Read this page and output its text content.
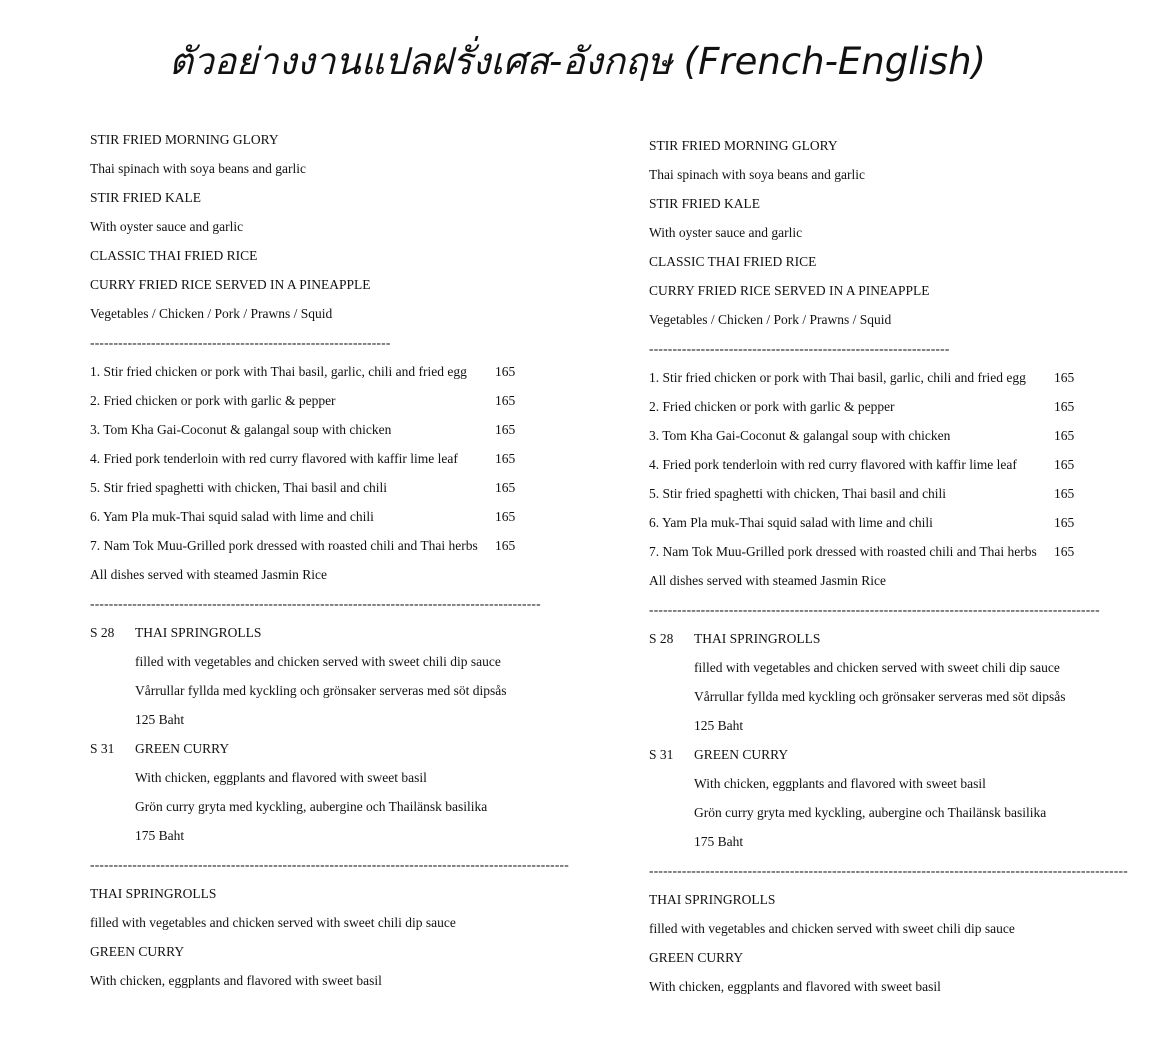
ตัวอย่างงานแปลฝรั่งเศส-อังกฤษ (French-English)
STIR FRIED MORNING GLORY
Thai spinach with soya beans and garlic
STIR FRIED KALE
With oyster sauce and garlic
CLASSIC THAI FRIED RICE
CURRY FRIED RICE SERVED IN A PINEAPPLE
Vegetables / Chicken / Pork / Prawns / Squid
----------------------------------------------------------------
1. Stir fried chicken or pork with Thai basil, garlic, chili and fried egg 165
2. Fried chicken or pork with garlic & pepper	165
3. Tom Kha Gai-Coconut & galangal soup with chicken	165
4. Fried pork tenderloin with red curry flavored with kaffir lime leaf	165
5. Stir fried spaghetti with chicken, Thai basil and chili	165
6. Yam Pla muk-Thai squid salad with lime and chili	165
7. Nam Tok Muu-Grilled pork dressed with roasted chili and Thai herbs 165
All dishes served with steamed Jasmin Rice
------------------------------------------------------------------------------------------------
S 28 THAI SPRINGROLLS
filled with vegetables and chicken served with sweet chili dip sauce
Vårrullar fyllda med kyckling och grönsaker serveras med söt dipsås
125 Baht
S 31 GREEN CURRY
With chicken, eggplants and flavored with sweet basil
Grön curry gryta med kyckling, aubergine och Thailänsk basilika
175 Baht
------------------------------------------------------------------------------------------------------
THAI SPRINGROLLS
filled with vegetables and chicken served with sweet chili dip sauce
GREEN CURRY
With chicken, eggplants and flavored with sweet basil
STIR FRIED MORNING GLORY
Thai spinach with soya beans and garlic
STIR FRIED KALE
With oyster sauce and garlic
CLASSIC THAI FRIED RICE
CURRY FRIED RICE SERVED IN A PINEAPPLE
Vegetables / Chicken / Pork / Prawns / Squid
----------------------------------------------------------------
1. Stir fried chicken or pork with Thai basil, garlic, chili and fried egg 165
2. Fried chicken or pork with garlic & pepper	165
3. Tom Kha Gai-Coconut & galangal soup with chicken	165
4. Fried pork tenderloin with red curry flavored with kaffir lime leaf	165
5. Stir fried spaghetti with chicken, Thai basil and chili	165
6. Yam Pla muk-Thai squid salad with lime and chili	165
7. Nam Tok Muu-Grilled pork dressed with roasted chili and Thai herbs 165
All dishes served with steamed Jasmin Rice
------------------------------------------------------------------------------------------------
S 28 THAI SPRINGROLLS
filled with vegetables and chicken served with sweet chili dip sauce
Vårrullar fyllda med kyckling och grönsaker serveras med söt dipsås
125 Baht
S 31 GREEN CURRY
With chicken, eggplants and flavored with sweet basil
Grön curry gryta med kyckling, aubergine och Thailänsk basilika
175 Baht
------------------------------------------------------------------------------------------------------
THAI SPRINGROLLS
filled with vegetables and chicken served with sweet chili dip sauce
GREEN CURRY
With chicken, eggplants and flavored with sweet basil
